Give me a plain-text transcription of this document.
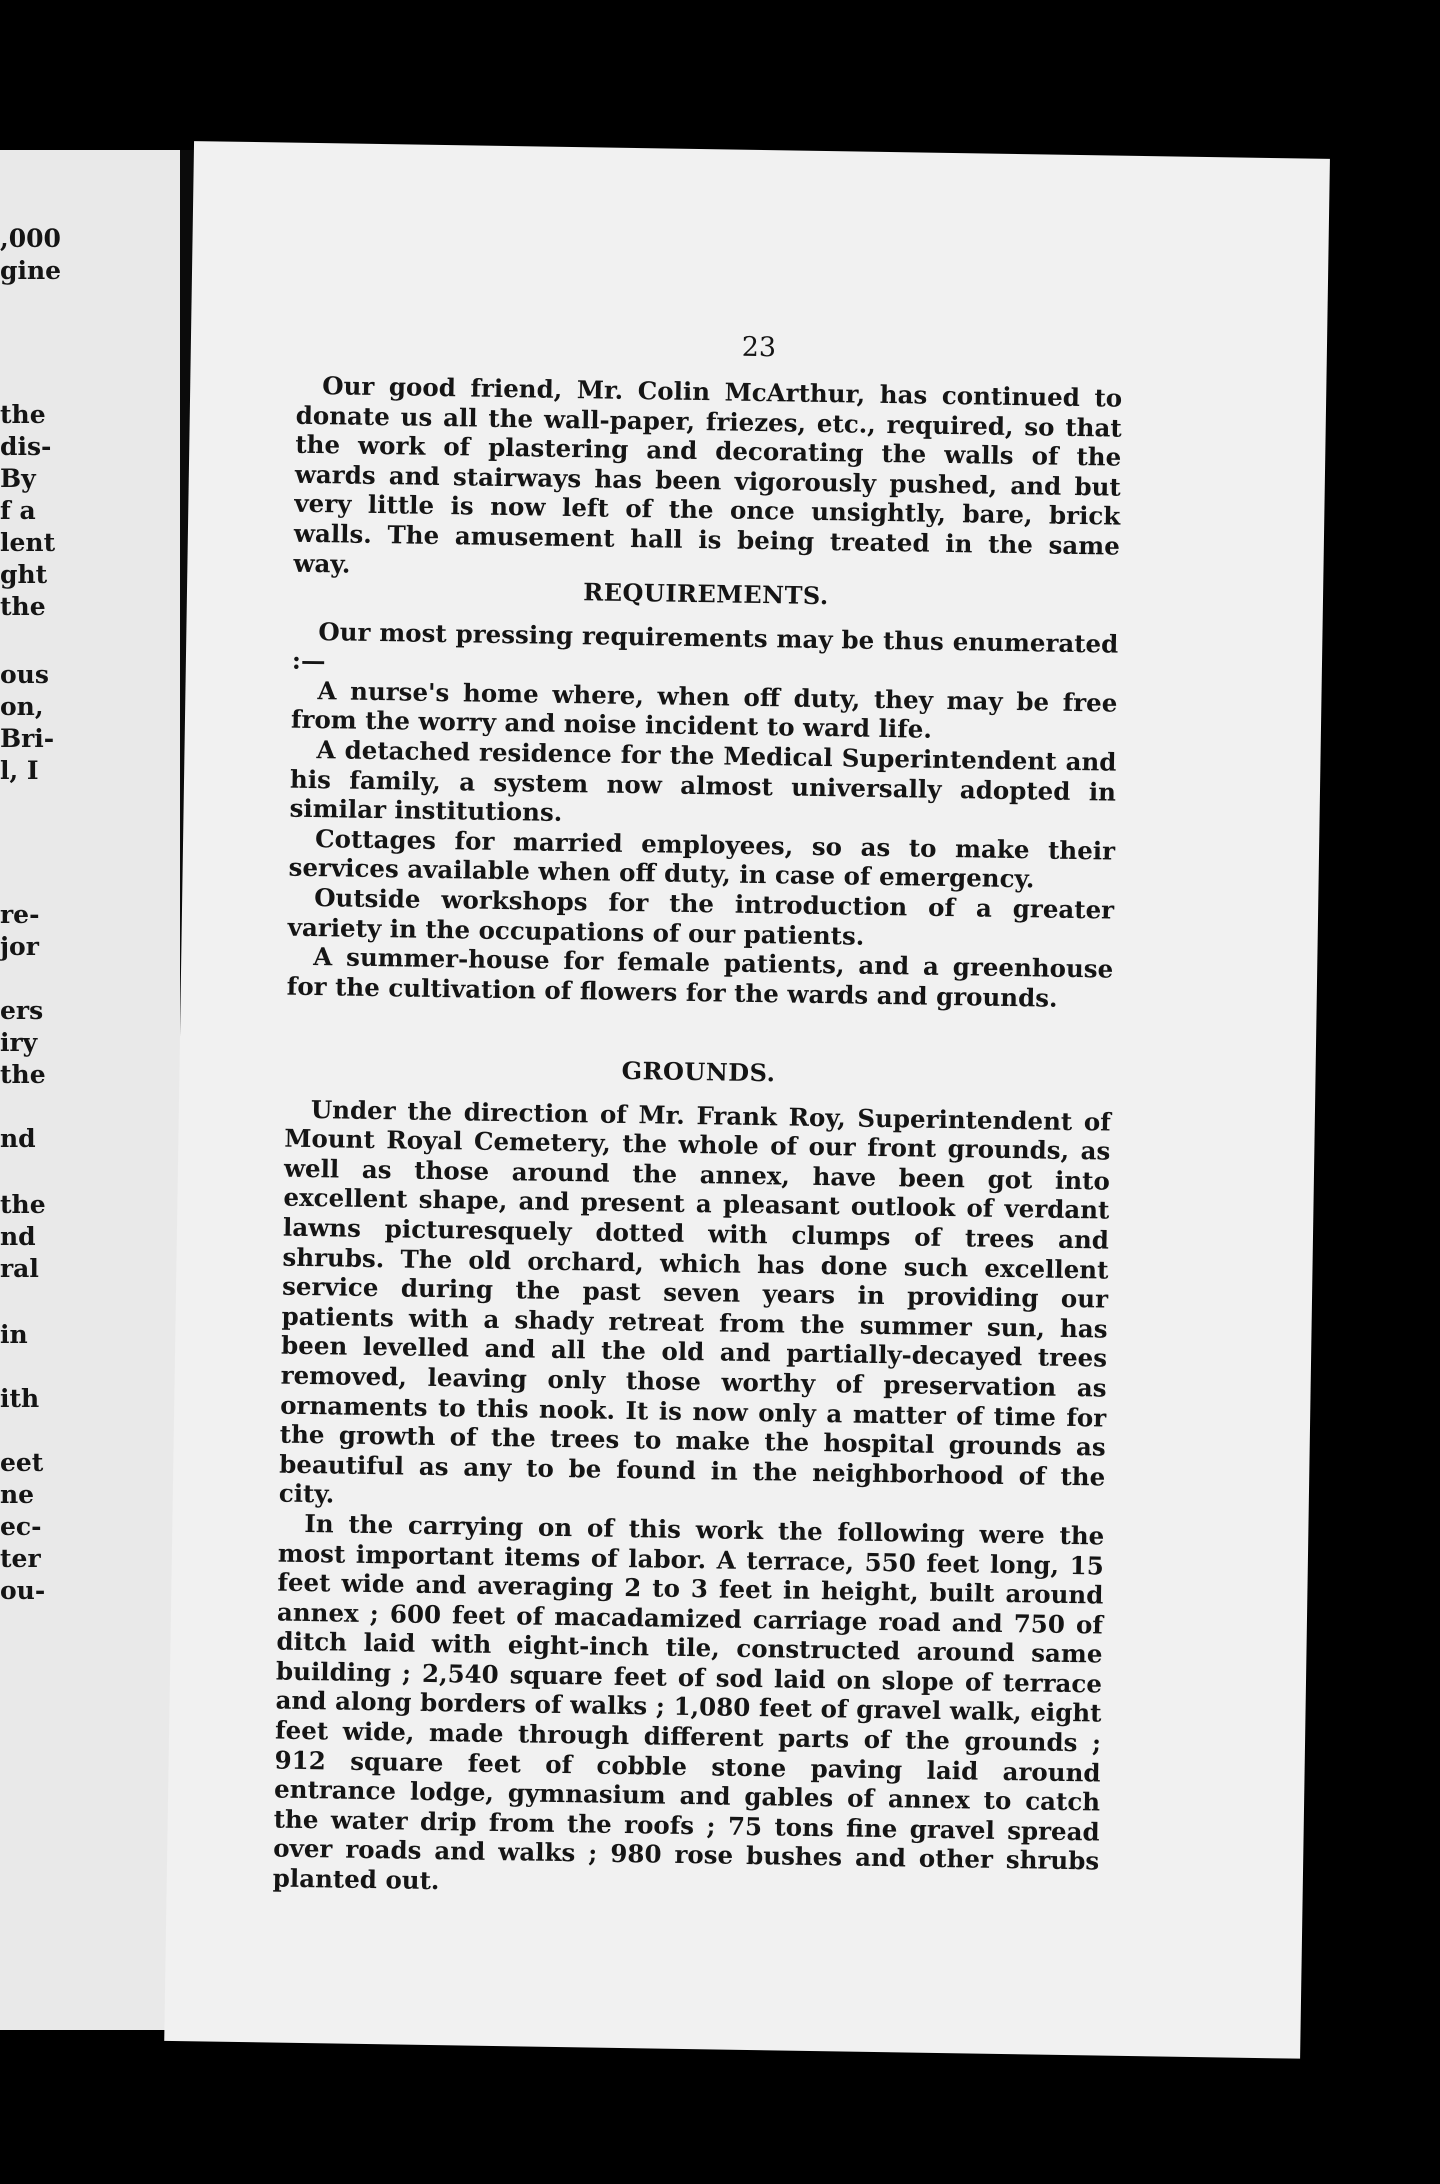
,000
gine
the
dis-
By
f a
lent
ght
the
ous
on,
Bri-
l, I
re-
jor
ers
iry
the
nd
the
nd
ral
in
ith
eet
ne
ec-
ter
ou-
23

Our good friend, Mr. Colin McArthur, has continued to donate us all the wall-paper, friezes, etc., required, so that the work of plastering and decorating the walls of the wards and stairways has been vigorously pushed, and but very little is now left of the once unsightly, bare, brick walls. The amusement hall is being treated in the same way.

REQUIREMENTS.

Our most pressing requirements may be thus enumerated :—

A nurse's home where, when off duty, they may be free from the worry and noise incident to ward life.

A detached residence for the Medical Superintendent and his family, a system now almost universally adopted in similar institutions.

Cottages for married employees, so as to make their services available when off duty, in case of emergency.

Outside workshops for the introduction of a greater variety in the occupations of our patients.

A summer-house for female patients, and a greenhouse for the cultivation of flowers for the wards and grounds.

GROUNDS.

Under the direction of Mr. Frank Roy, Superintendent of Mount Royal Cemetery, the whole of our front grounds, as well as those around the annex, have been got into excellent shape, and present a pleasant outlook of verdant lawns picturesquely dotted with clumps of trees and shrubs. The old orchard, which has done such excellent service during the past seven years in providing our patients with a shady retreat from the summer sun, has been levelled and all the old and partially-decayed trees removed, leaving only those worthy of preservation as ornaments to this nook. It is now only a matter of time for the growth of the trees to make the hospital grounds as beautiful as any to be found in the neighborhood of the city.

In the carrying on of this work the following were the most important items of labor. A terrace, 550 feet long, 15 feet wide and averaging 2 to 3 feet in height, built around annex ; 600 feet of macadamized carriage road and 750 of ditch laid with eight-inch tile, constructed around same building ; 2,540 square feet of sod laid on slope of terrace and along borders of walks ; 1,080 feet of gravel walk, eight feet wide, made through different parts of the grounds ; 912 square feet of cobble stone paving laid around entrance lodge, gymnasium and gables of annex to catch the water drip from the roofs ; 75 tons fine gravel spread over roads and walks ; 980 rose bushes and other shrubs planted out.
